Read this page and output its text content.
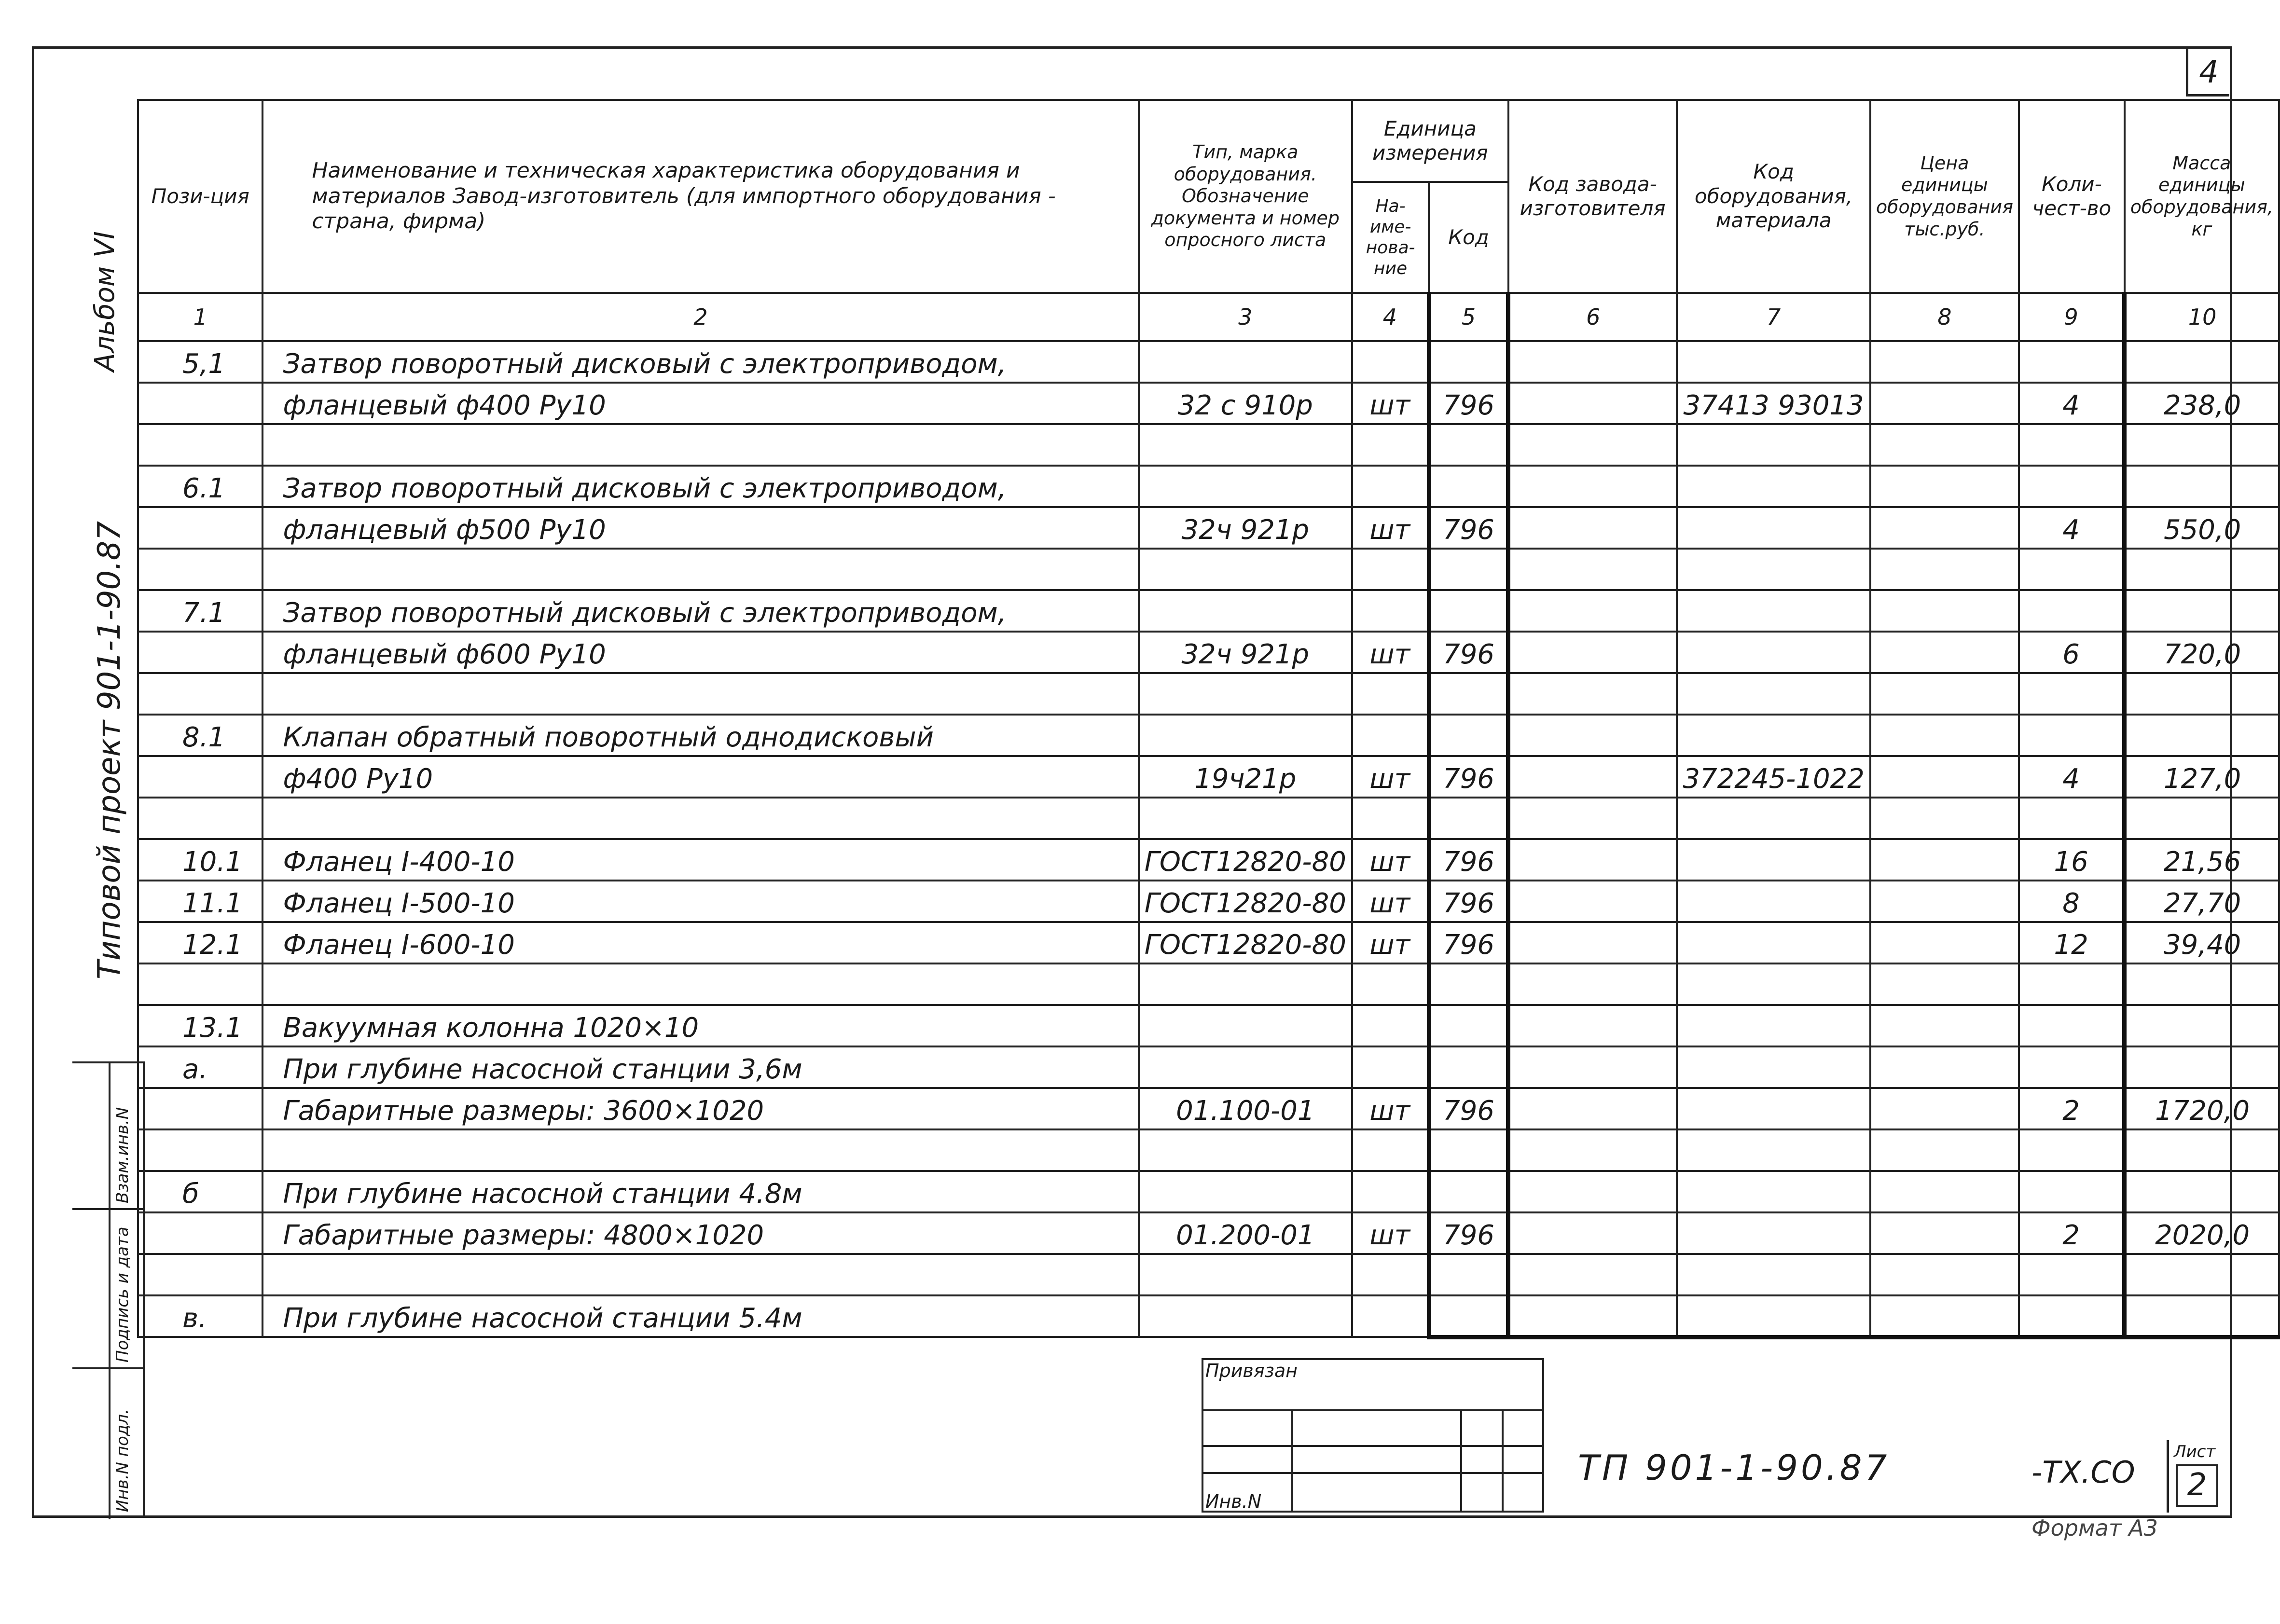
4
Альбом VI
Типовой проект 901-1-90.87
Взам.инв.N
Подпись и дата
Инв.N подл.
Пози-ция	Наименование и техническая характеристика оборудования и материалов Завод-изготовитель (для импортного оборудования - страна, фирма)	Тип, марка оборудования. Обозначение документа и номер опросного листа	Единица измерения		Код завода-изготовителя	Код оборудования, материала	Цена единицы оборудования тыс.руб.	Коли-чест-во	Масса единицы оборудования, кг
			На-име-нова-ние	Код					
1	2	3	4	5	6	7	8	9	10
5,1	Затвор поворотный дисковый с электроприводом,								
	фланцевый ф400 Ру10	32 с 910р	шт	796		37413 93013		4	238,0

6.1	Затвор поворотный дисковый с электроприводом,								
	фланцевый ф500 Ру10	32ч 921р	шт	796				4	550,0

7.1	Затвор поворотный дисковый с электроприводом,								
	фланцевый ф600 Ру10	32ч 921р	шт	796				6	720,0

8.1	Клапан обратный поворотный однодисковый								
	ф400 Ру10	19ч21р	шт	796		372245-1022		4	127,0

10.1	Фланец I-400-10	ГОСТ12820-80	шт	796				16	21,56
11.1	Фланец I-500-10	ГОСТ12820-80	шт	796				8	27,70
12.1	Фланец I-600-10	ГОСТ12820-80	шт	796				12	39,40

13.1	Вакуумная колонна 1020×10								
а.	При глубине насосной станции 3,6м								
	Габаритные размеры: 3600×1020	01.100-01	шт	796				2	1720,0

б	При глубине насосной станции 4.8м								
	Габаритные размеры: 4800×1020	01.200-01	шт	796				2	2020,0

в.	При глубине насосной станции 5.4м								
Привязан
Инв.N
ТП 901-1-90.87	-ТХ.СО
Лист
2
Формат А3
